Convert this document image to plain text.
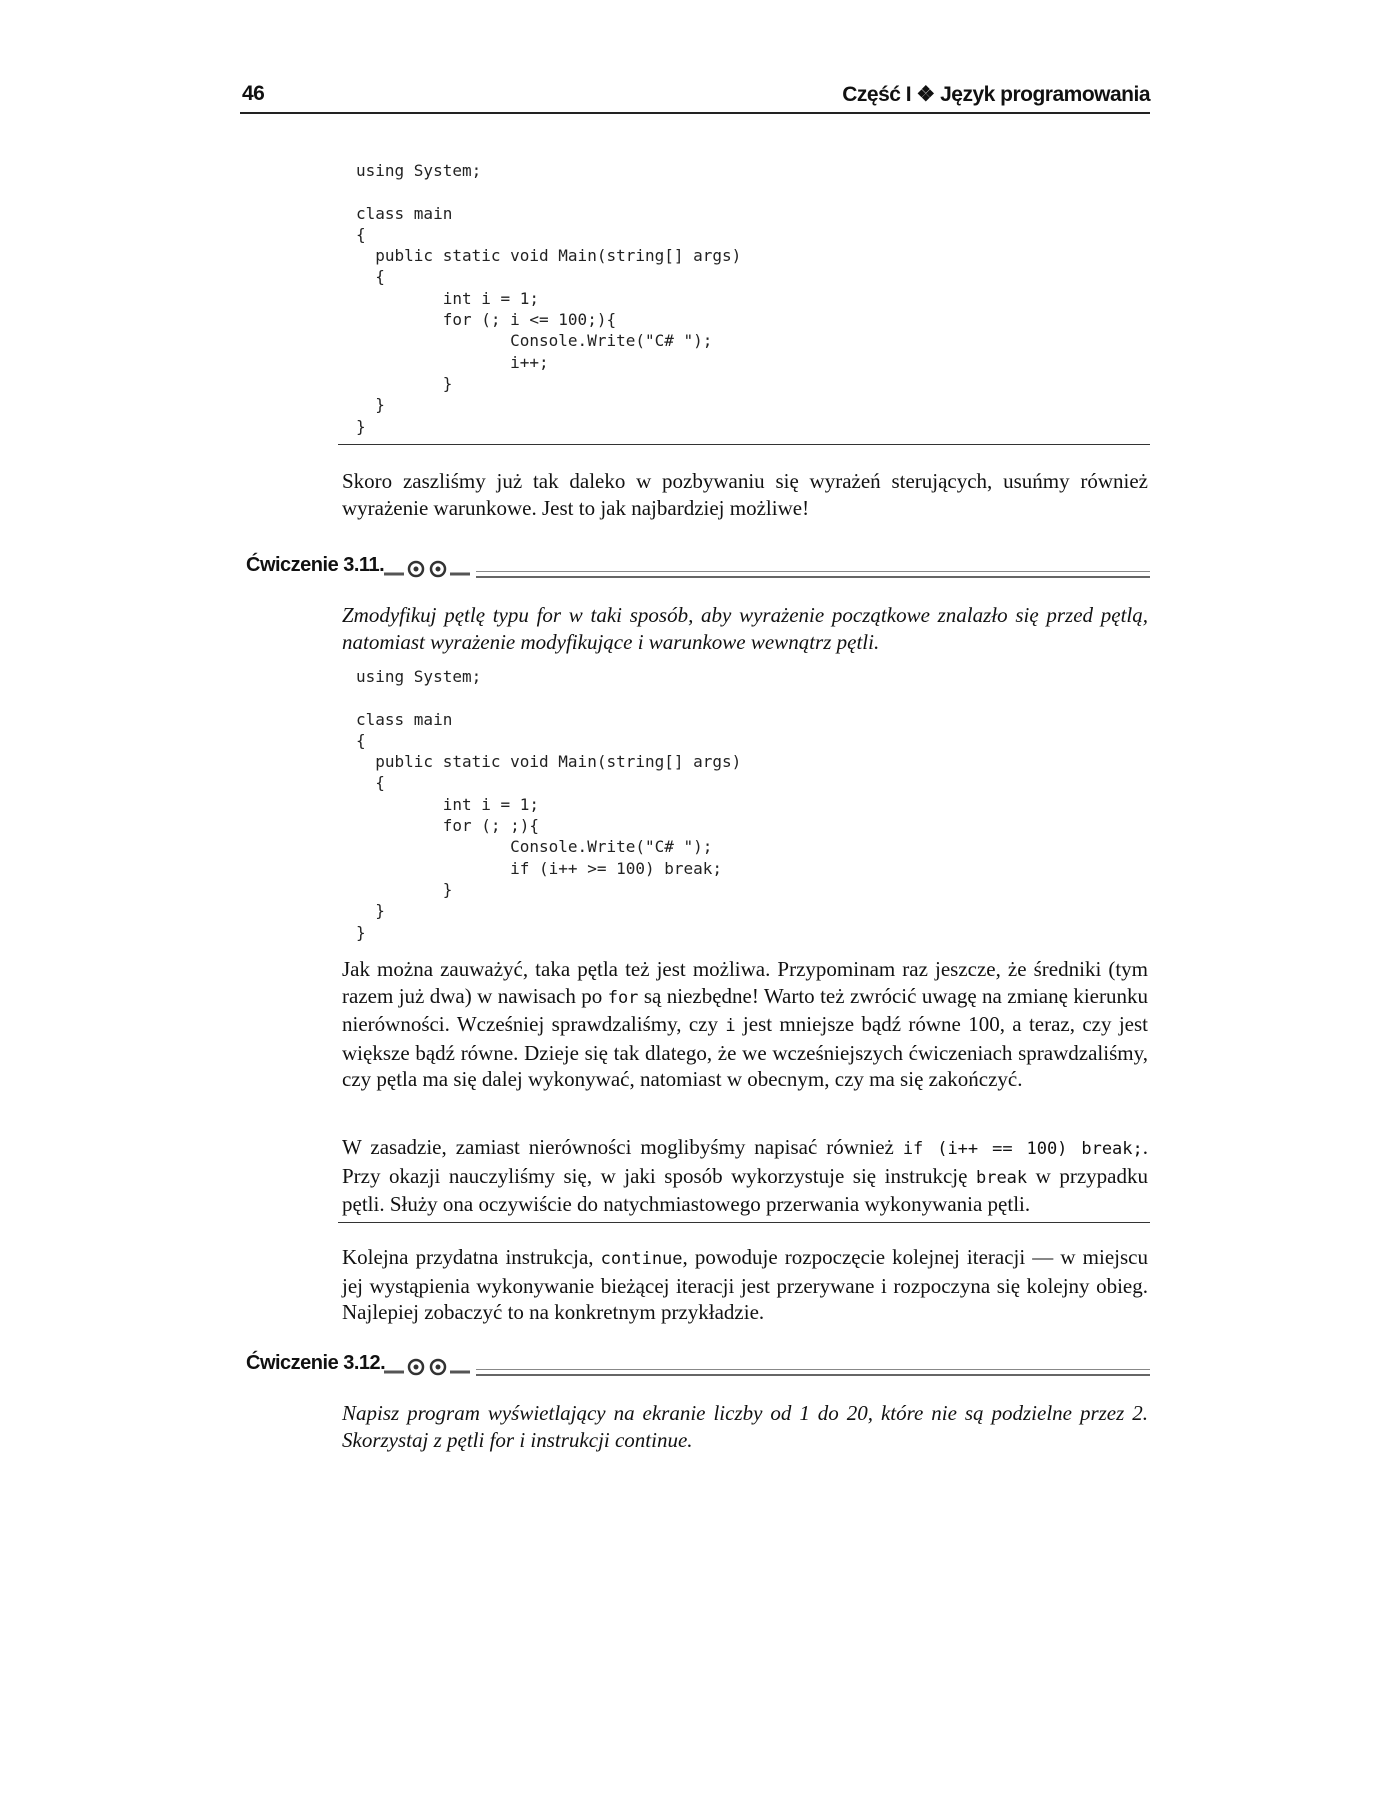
46	Część I ❖ Język programowania
using System;

class main
{
public static void Main(string[] args)
{
int i = 1;
for (; i <= 100;){
Console.Write("C# ");
i++;
}
}
}

Skoro zaszliśmy już tak daleko w pozbywaniu się wyrażeń sterujących, usuńmy również wyrażenie warunkowe. Jest to jak najbardziej możliwe!

Ćwiczenie 3.11.

Zmodyfikuj pętlę typu for w taki sposób, aby wyrażenie początkowe znalazło się przed pętlą, natomiast wyrażenie modyfikujące i warunkowe wewnątrz pętli.

using System;

class main
{
public static void Main(string[] args)
{
int i = 1;
for (; ;){
Console.Write("C# ");
if (i++ >= 100) break;
}
}
}

Jak można zauważyć, taka pętla też jest możliwa. Przypominam raz jeszcze, że średniki (tym razem już dwa) w nawisach po for są niezbędne! Warto też zwrócić uwagę na zmianę kierunku nierówności. Wcześniej sprawdzaliśmy, czy i jest mniejsze bądź równe 100, a teraz, czy jest większe bądź równe. Dzieje się tak dlatego, że we wcześniejszych ćwiczeniach sprawdzaliśmy, czy pętla ma się dalej wykonywać, natomiast w obecnym, czy ma się zakończyć.

W zasadzie, zamiast nierówności moglibyśmy napisać również if (i++ == 100) break;. Przy okazji nauczyliśmy się, w jaki sposób wykorzystuje się instrukcję break w przypadku pętli. Służy ona oczywiście do natychmiastowego przerwania wykonywania pętli.

Kolejna przydatna instrukcja, continue, powoduje rozpoczęcie kolejnej iteracji — w miejscu jej wystąpienia wykonywanie bieżącej iteracji jest przerywane i rozpoczyna się kolejny obieg. Najlepiej zobaczyć to na konkretnym przykładzie.

Ćwiczenie 3.12.

Napisz program wyświetlający na ekranie liczby od 1 do 20, które nie są podzielne przez 2. Skorzystaj z pętli for i instrukcji continue.
